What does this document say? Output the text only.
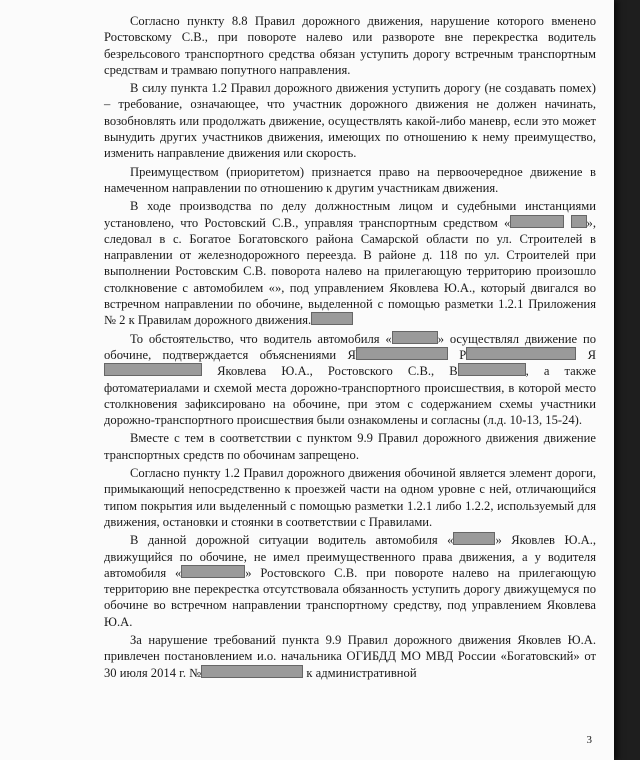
Согласно пункту 8.8 Правил дорожного движения, нарушение которого вменено Ростовскому С.В., при повороте налево или развороте вне перекрестка водитель безрельсового транспортного средства обязан уступить дорогу встречным транспортным средствам и трамваю попутного направления.

В силу пункта 1.2 Правил дорожного движения уступить дорогу (не создавать помех) – требование, означающее, что участник дорожного движения не должен начинать, возобновлять или продолжать движение, осуществлять какой-либо маневр, если это может вынудить других участников движения, имеющих по отношению к нему преимущество, изменить направление движения или скорость.

Преимуществом (приоритетом) признается право на первоочередное движение в намеченном направлении по отношению к другим участникам движения.

В ходе производства по делу должностным лицом и судебными инстанциями установлено, что Ростовский С.В., управляя транспортным средством «	», следовал в с. Богатое Богатовского района Самарской области по ул. Строителей в направлении от железнодорожного переезда. В районе д. 118 по ул. Строителей при выполнении Ростовским С.В. поворота налево на прилегающую территорию произошло столкновение с автомобилем «», под управлением Яковлева Ю.А., который двигался во встречном направлении по обочине, выделенной с помощью разметки 1.2.1 Приложения № 2 к Правилам дорожного движения.

То обстоятельство, что водитель автомобиля «	» осуществлял движение по обочине, подтверждается объяснениями Я	Р	Я Яковлева Ю.А., Ростовского С.В., В	, а также фотоматериалами и схемой места дорожно-транспортного происшествия, в которой место столкновения зафиксировано на обочине, при этом с содержанием схемы участники дорожно-транспортного происшествия были ознакомлены и согласны (л.д. 10-13, 15-24).

Вместе с тем в соответствии с пунктом 9.9 Правил дорожного движения движение транспортных средств по обочинам запрещено.

Согласно пункту 1.2 Правил дорожного движения обочиной является элемент дороги, примыкающий непосредственно к проезжей части на одном уровне с ней, отличающийся типом покрытия или выделенный с помощью разметки 1.2.1 либо 1.2.2, используемый для движения, остановки и стоянки в соответствии с Правилами.

В данной дорожной ситуации водитель автомобиля «	» Яковлев Ю.А., движущийся по обочине, не имел преимущественного права движения, а у водителя автомобиля «	» Ростовского С.В. при повороте налево на прилегающую территорию вне перекрестка отсутствовала обязанность уступить дорогу движущемуся по обочине во встречном направлении транспортному средству, под управлением Яковлева Ю.А.

За нарушение требований пункта 9.9 Правил дорожного движения Яковлев Ю.А. привлечен постановлением и.о. начальника ОГИБДД МО МВД России «Богатовский» от 30 июля 2014 г. №	к административной

3
